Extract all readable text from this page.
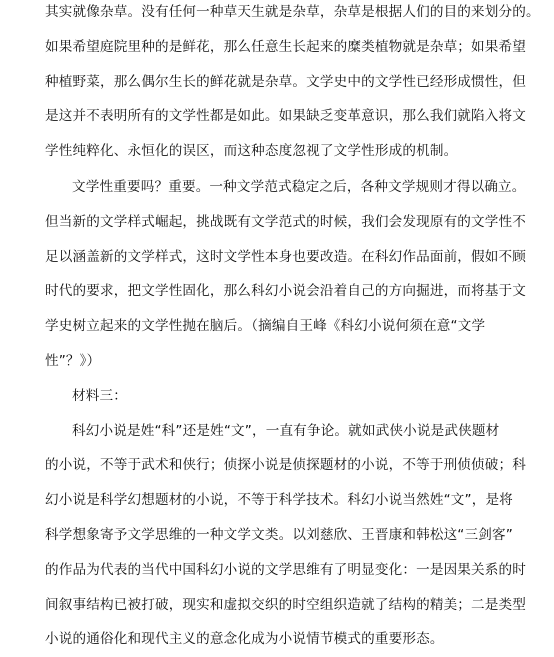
其实就像杂草。没有任何一种草天生就是杂草，杂草是根据人们的目的来划分的。
如果希望庭院里种的是鲜花，那么任意生长起来的糜类植物就是杂草；如果希望
种植野菜，那么偶尔生长的鲜花就是杂草。文学史中的文学性已经形成惯性，但
是这并不表明所有的文学性都是如此。如果缺乏变革意识，那么我们就陷入将文
学性纯粹化、永恒化的误区，而这种态度忽视了文学性形成的机制。
文学性重要吗？重要。一种文学范式稳定之后，各种文学规则才得以确立。
但当新的文学样式崛起，挑战既有文学范式的时候，我们会发现原有的文学性不
足以涵盖新的文学样式，这时文学性本身也要改造。在科幻作品面前，假如不顾
时代的要求，把文学性固化，那么科幻小说会沿着自己的方向掘进，而将基于文
学史树立起来的文学性抛在脑后。（摘编自王峰《科幻小说何须在意“文学
性”？》）
材料三：
科幻小说是姓“科”还是姓“文”，一直有争论。就如武侠小说是武侠题材
的小说，不等于武术和侠行；侦探小说是侦探题材的小说，不等于刑侦侦破；科
幻小说是科学幻想题材的小说，不等于科学技术。科幻小说当然姓“文”，是将
科学想象寄予文学思维的一种文学文类。以刘慈欣、王晋康和韩松这“三剑客”
的作品为代表的当代中国科幻小说的文学思维有了明显变化：一是因果关系的时
间叙事结构已被打破，现实和虚拟交织的时空组织造就了结构的精美；二是类型
小说的通俗化和现代主义的意念化成为小说情节模式的重要形态。
